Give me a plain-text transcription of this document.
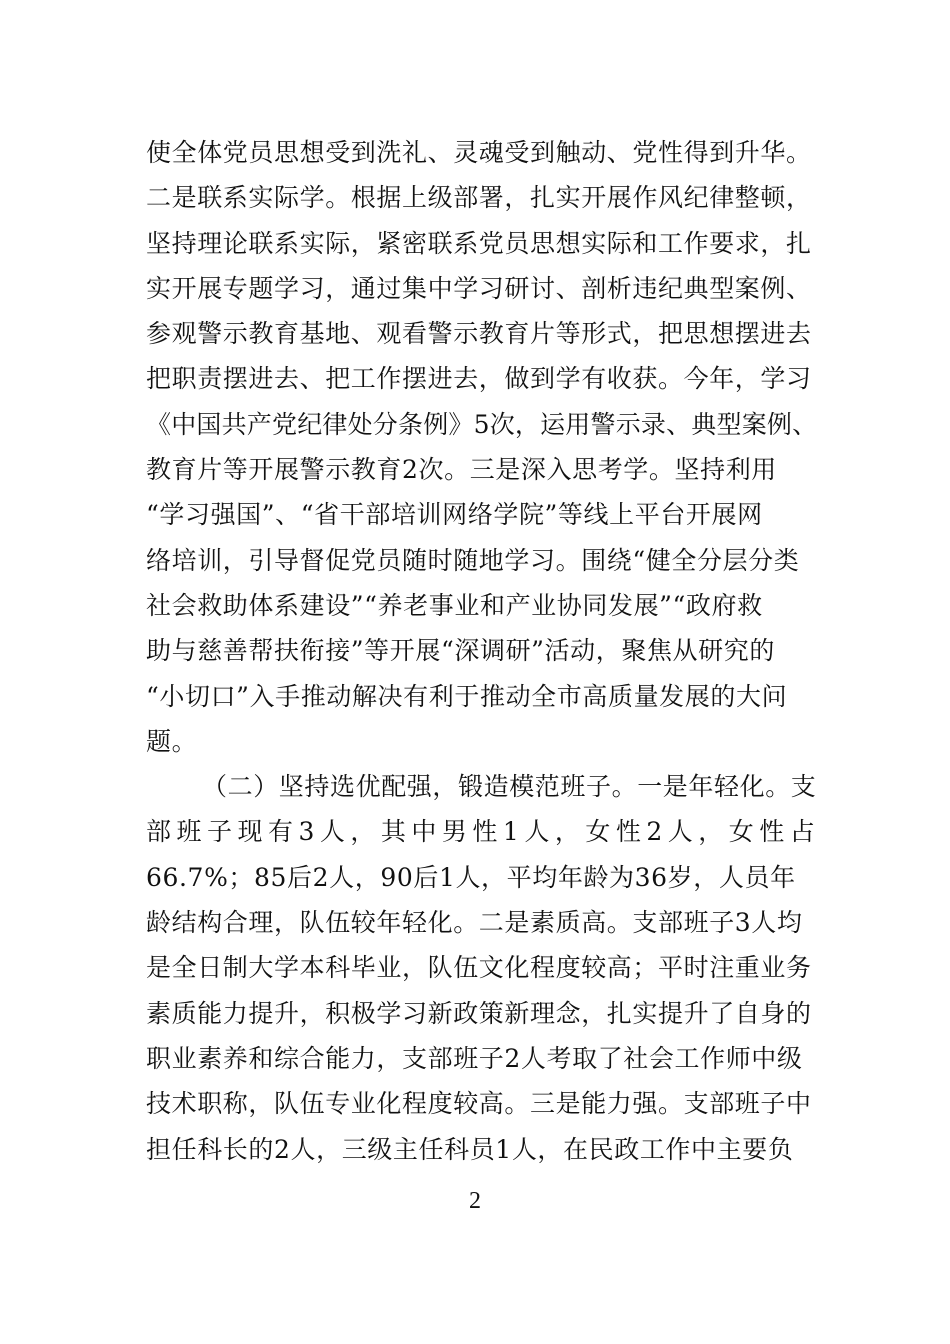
使全体党员思想受到洗礼、灵魂受到触动、党性得到升华。
二是联系实际学。根据上级部署，扎实开展作风纪律整顿，
坚持理论联系实际，紧密联系党员思想实际和工作要求，扎
实开展专题学习，通过集中学习研讨、剖析违纪典型案例、
参观警示教育基地、观看警示教育片等形式，把思想摆进去
把职责摆进去、把工作摆进去，做到学有收获。今年，学习
《中国共产党纪律处分条例》5次，运用警示录、典型案例、
教育片等开展警示教育2次。三是深入思考学。坚持利用
“学习强国”、“省干部培训网络学院”等线上平台开展网
络培训，引导督促党员随时随地学习。围绕“健全分层分类
社会救助体系建设”“养老事业和产业协同发展”“政府救
助与慈善帮扶衔接”等开展“深调研”活动，聚焦从研究的
“小切口”入手推动解决有利于推动全市高质量发展的大问
题。
（二）坚持选优配强，锻造模范班子。一是年轻化。支
部班子现有3人，其中男性1人，女性2人，女性占
66.7%；85后2人，90后1人，平均年龄为36岁，人员年
龄结构合理，队伍较年轻化。二是素质高。支部班子3人均
是全日制大学本科毕业，队伍文化程度较高；平时注重业务
素质能力提升，积极学习新政策新理念，扎实提升了自身的
职业素养和综合能力，支部班子2人考取了社会工作师中级
技术职称，队伍专业化程度较高。三是能力强。支部班子中
担任科长的2人，三级主任科员1人，在民政工作中主要负
2
